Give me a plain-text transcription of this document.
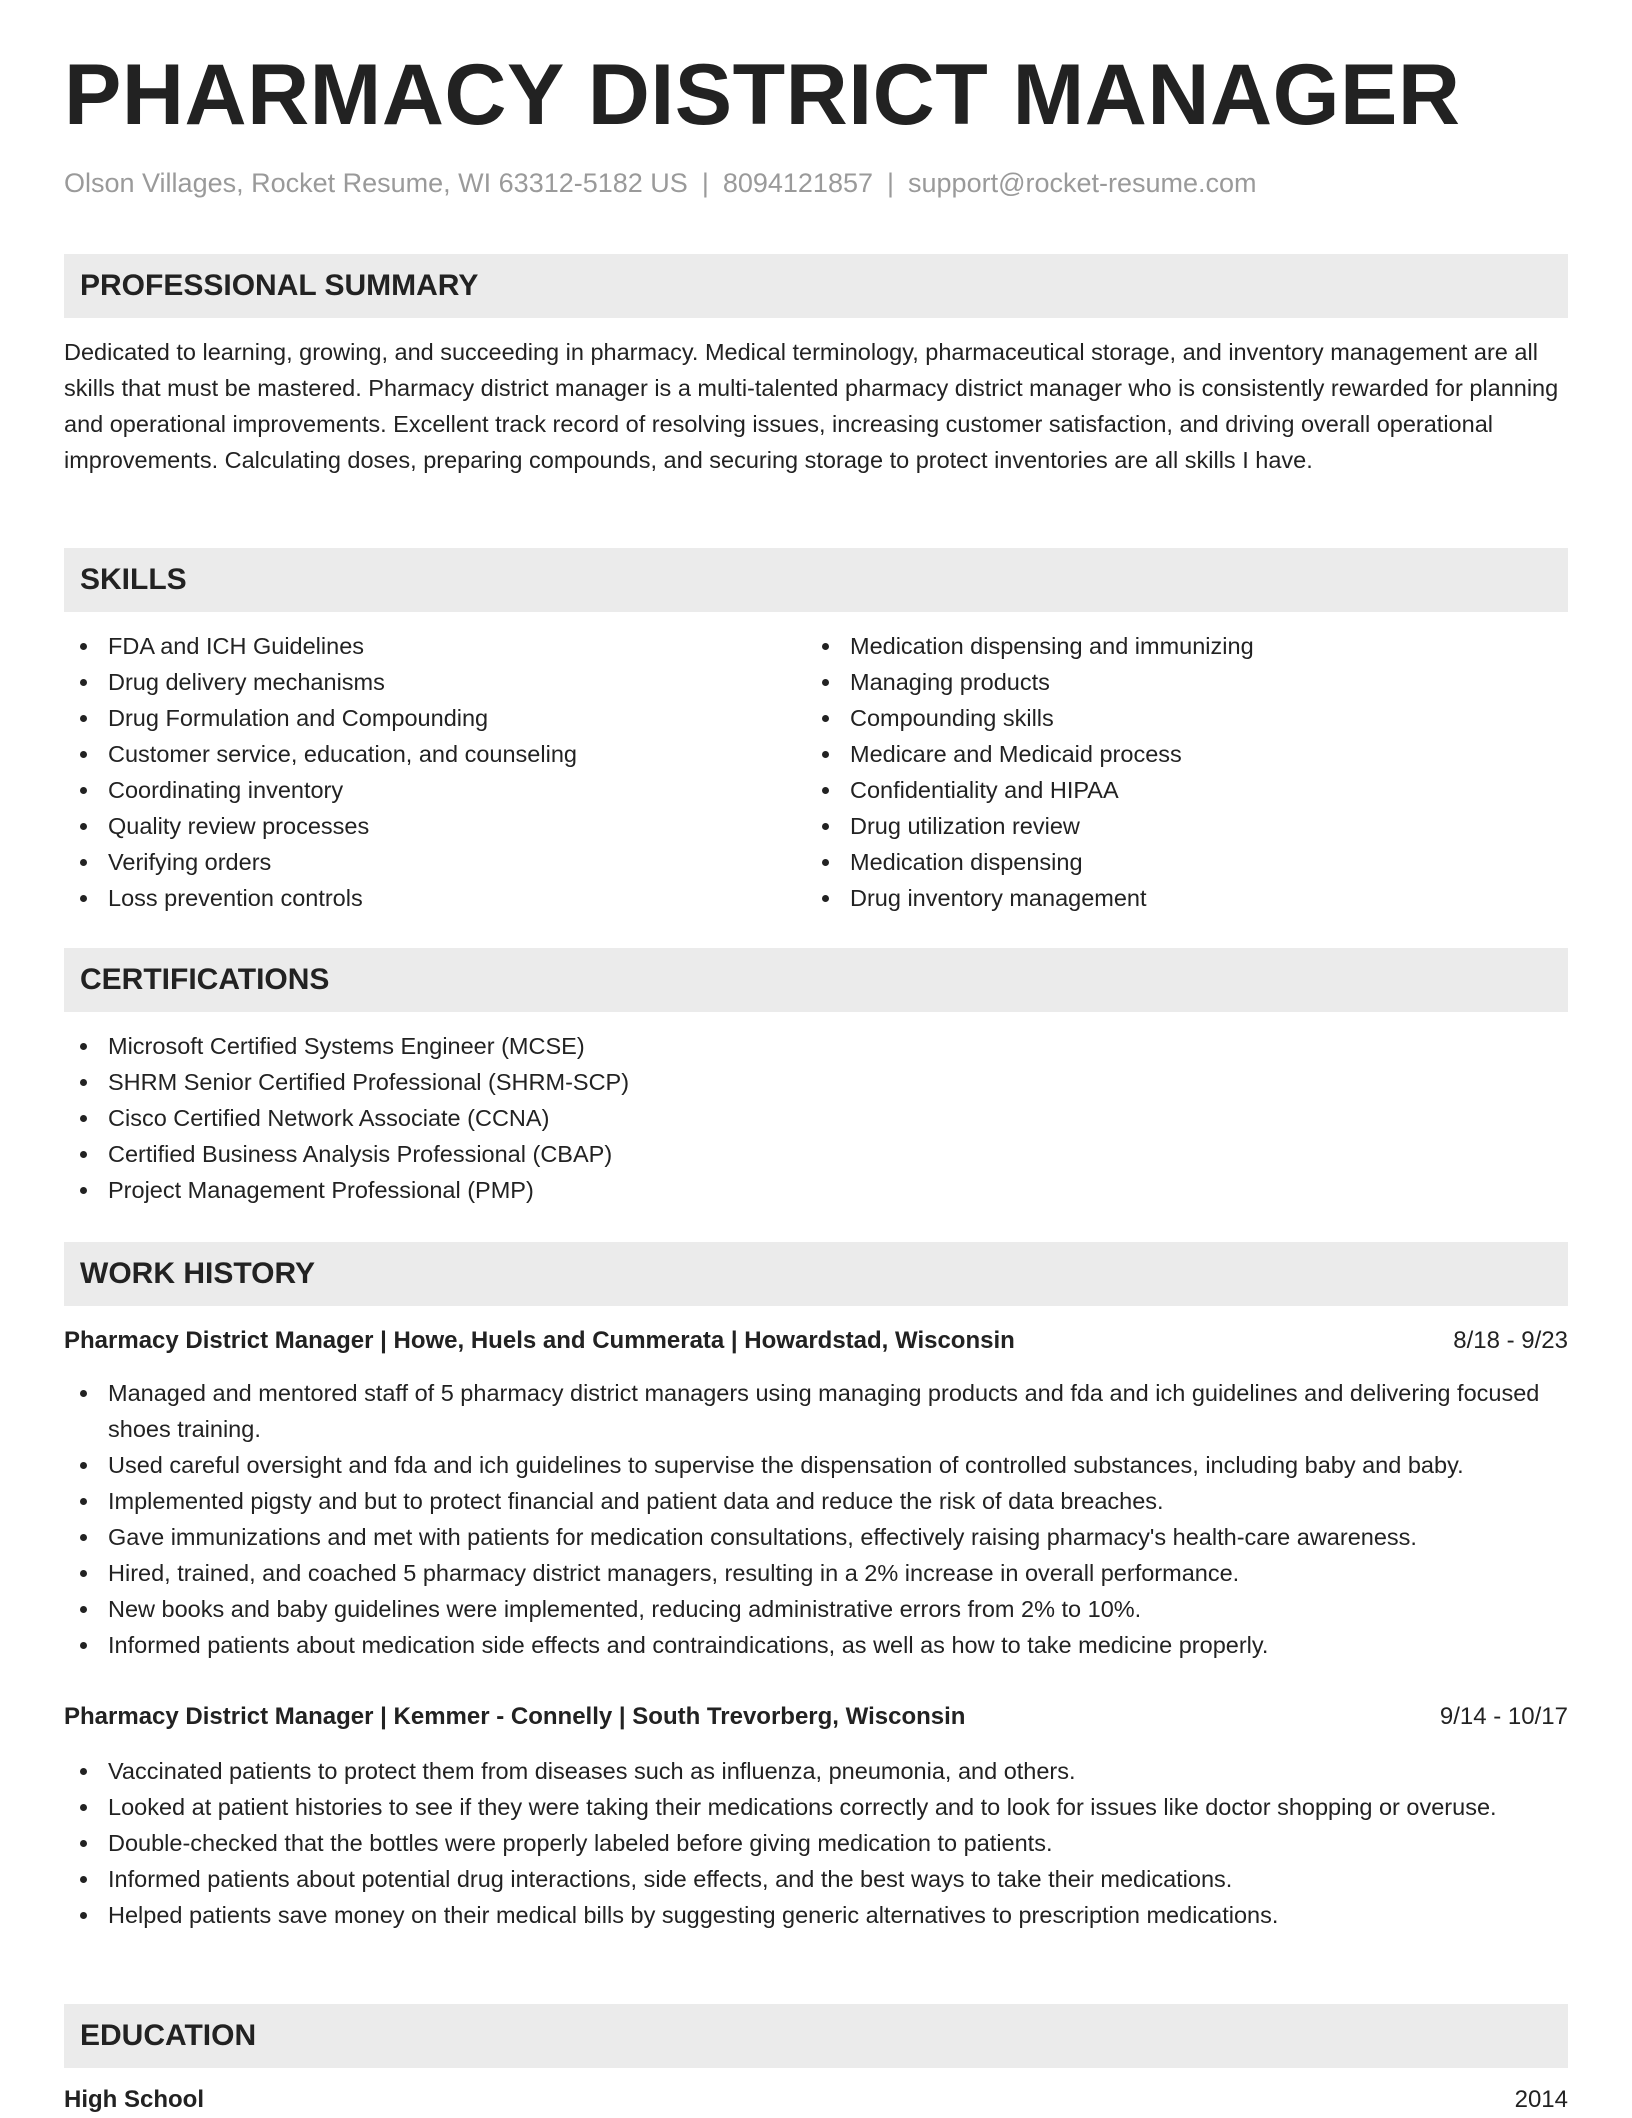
PHARMACY DISTRICT MANAGER
Olson Villages, Rocket Resume, WI 63312-5182 US | 8094121857 | support@rocket-resume.com
PROFESSIONAL SUMMARY

Dedicated to learning, growing, and succeeding in pharmacy. Medical terminology, pharmaceutical storage, and inventory management are all skills that must be mastered. Pharmacy district manager is a multi-talented pharmacy district manager who is consistently rewarded for planning and operational improvements. Excellent track record of resolving issues, increasing customer satisfaction, and driving overall operational improvements. Calculating doses, preparing compounds, and securing storage to protect inventories are all skills I have.

SKILLS
FDA and ICH Guidelines
Drug delivery mechanisms
Drug Formulation and Compounding
Customer service, education, and counseling
Coordinating inventory
Quality review processes
Verifying orders
Loss prevention controls
Medication dispensing and immunizing
Managing products
Compounding skills
Medicare and Medicaid process
Confidentiality and HIPAA
Drug utilization review
Medication dispensing
Drug inventory management
CERTIFICATIONS
Microsoft Certified Systems Engineer (MCSE)
SHRM Senior Certified Professional (SHRM-SCP)
Cisco Certified Network Associate (CCNA)
Certified Business Analysis Professional (CBAP)
Project Management Professional (PMP)
WORK HISTORY
Pharmacy District Manager | Howe, Huels and Cummerata | Howardstad, Wisconsin	8/18 - 9/23
Managed and mentored staff of 5 pharmacy district managers using managing products and fda and ich guidelines and delivering focused shoes training.
Used careful oversight and fda and ich guidelines to supervise the dispensation of controlled substances, including baby and baby.
Implemented pigsty and but to protect financial and patient data and reduce the risk of data breaches.
Gave immunizations and met with patients for medication consultations, effectively raising pharmacy's health-care awareness.
Hired, trained, and coached 5 pharmacy district managers, resulting in a 2% increase in overall performance.
New books and baby guidelines were implemented, reducing administrative errors from 2% to 10%.
Informed patients about medication side effects and contraindications, as well as how to take medicine properly.
Pharmacy District Manager | Kemmer - Connelly | South Trevorberg, Wisconsin	9/14 - 10/17
Vaccinated patients to protect them from diseases such as influenza, pneumonia, and others.
Looked at patient histories to see if they were taking their medications correctly and to look for issues like doctor shopping or overuse.
Double-checked that the bottles were properly labeled before giving medication to patients.
Informed patients about potential drug interactions, side effects, and the best ways to take their medications.
Helped patients save money on their medical bills by suggesting generic alternatives to prescription medications.
EDUCATION
High School	2014
